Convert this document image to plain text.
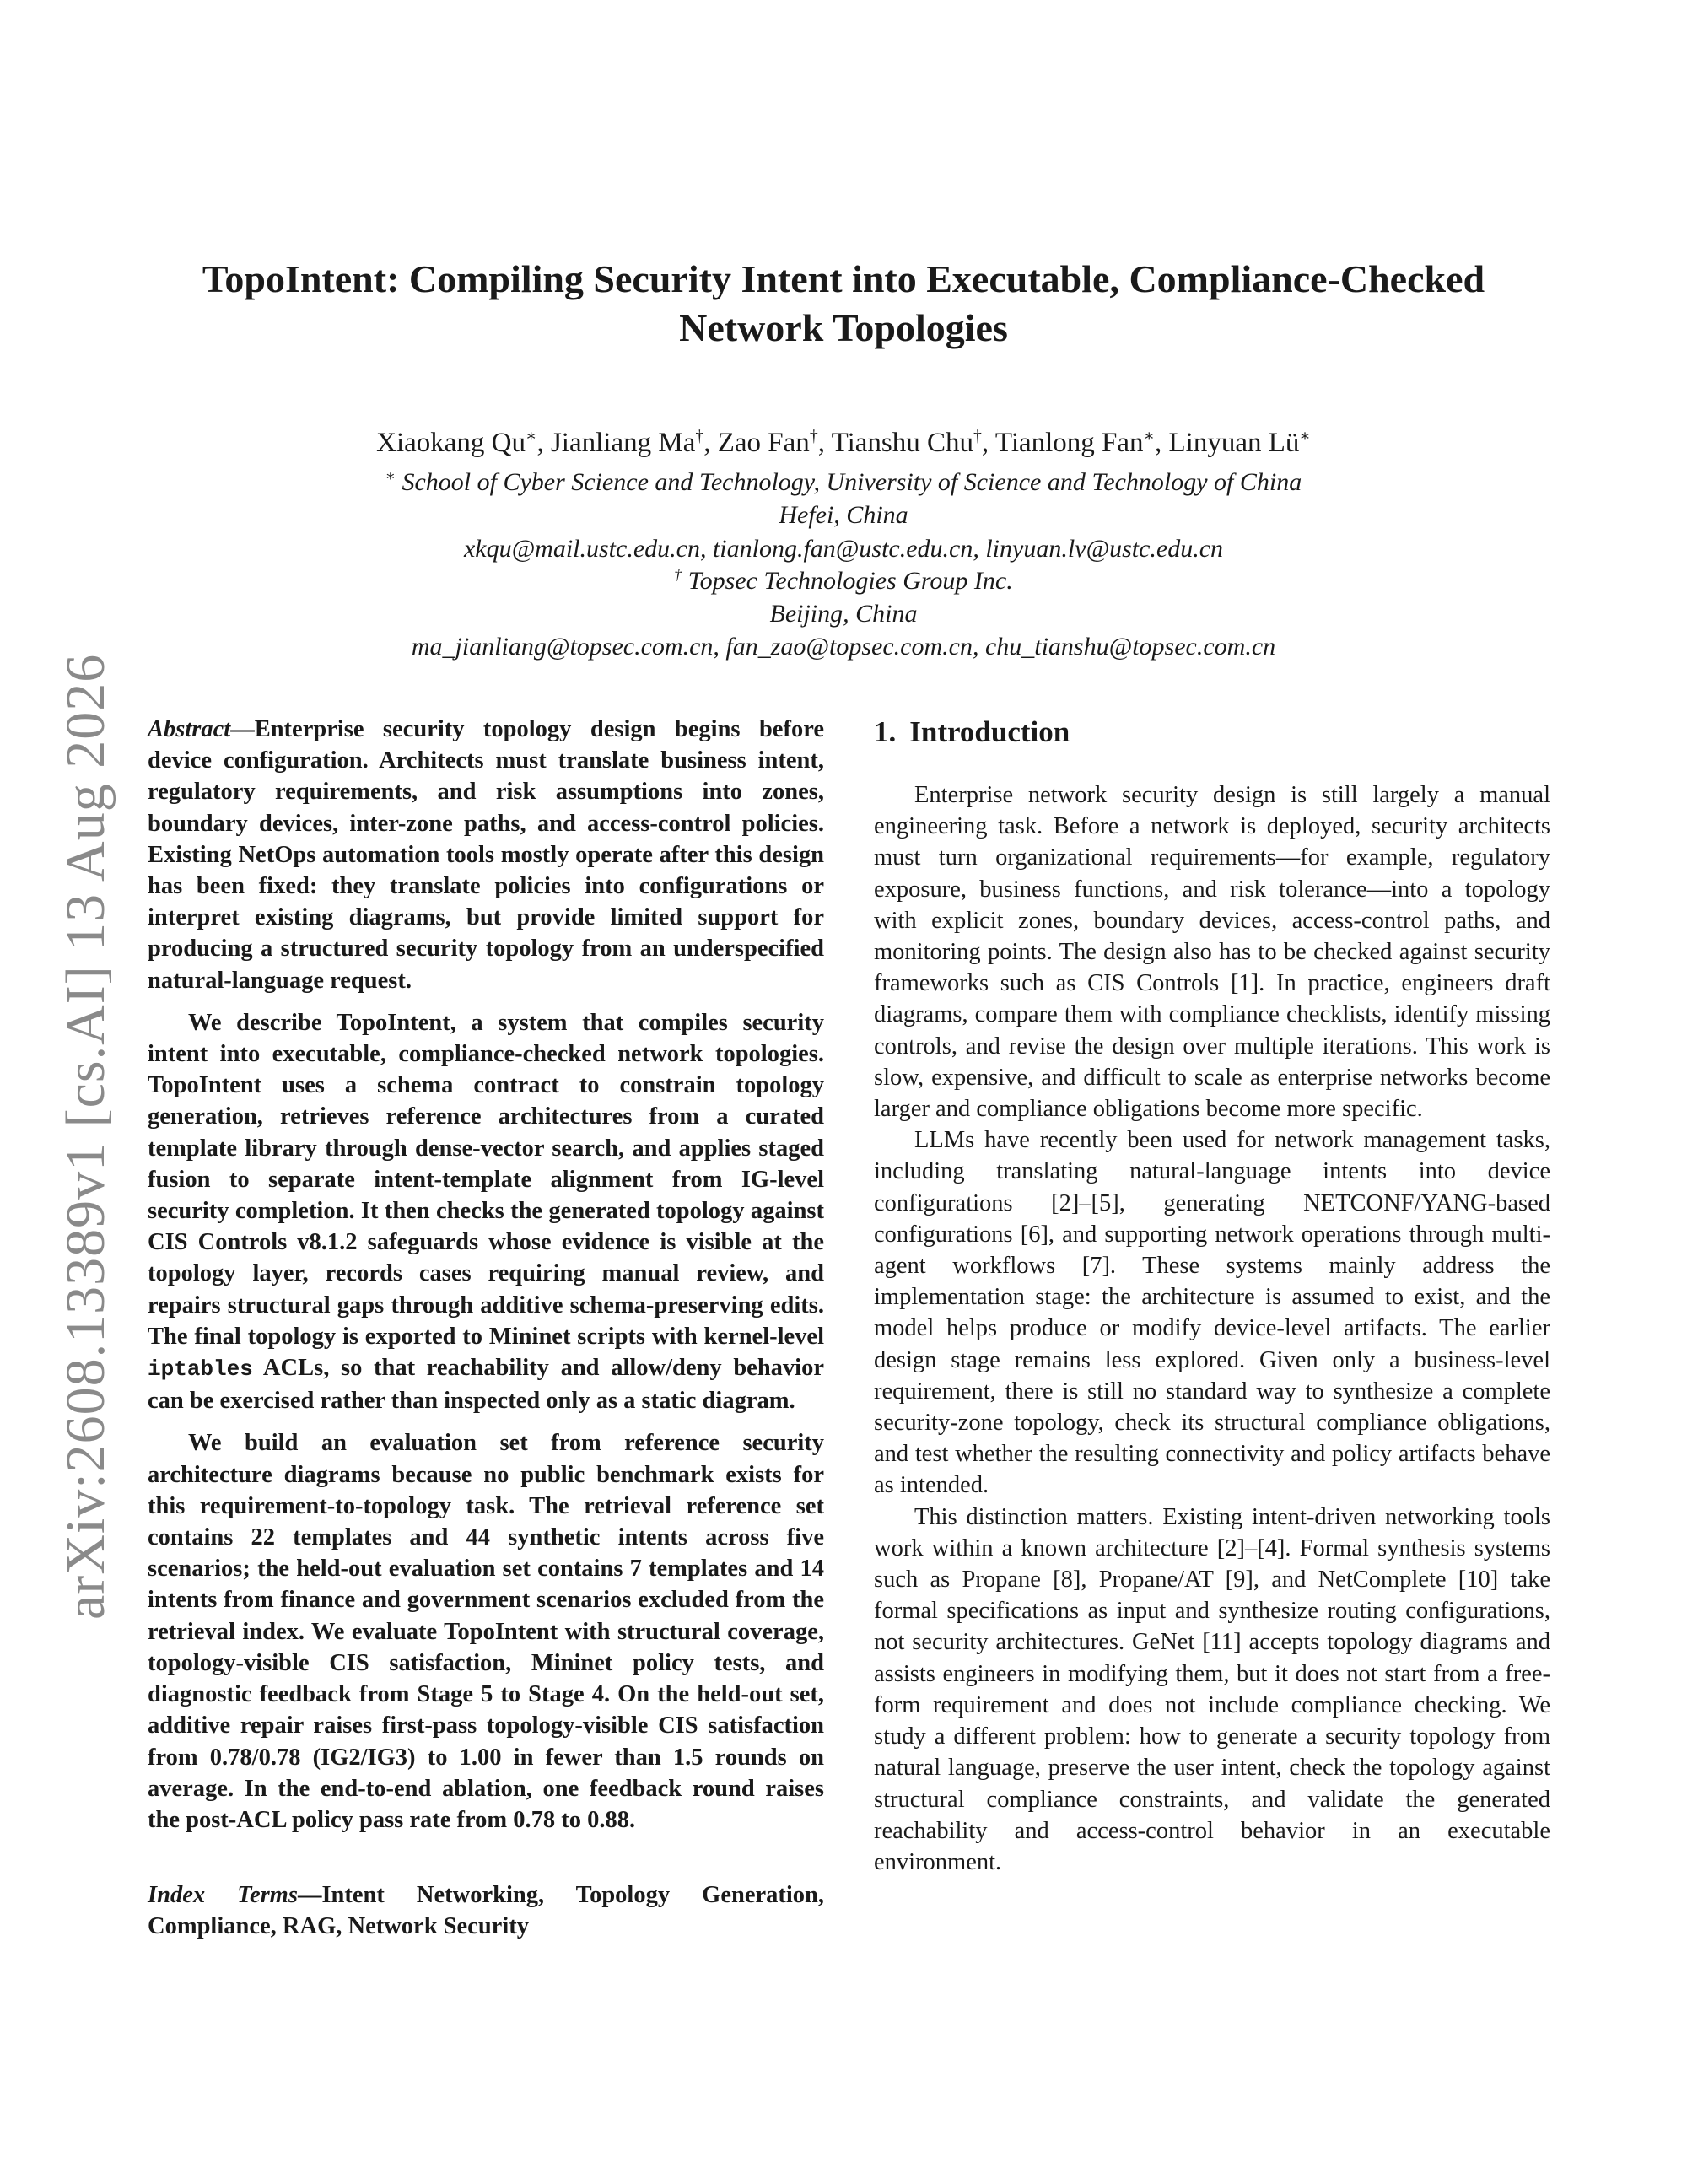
arXiv:2608.13389v1 [cs.AI] 13 Aug 2026
TopoIntent: Compiling Security Intent into Executable, Compliance-Checked
Network Topologies
Xiaokang Qu∗, Jianliang Ma†, Zao Fan†, Tianshu Chu†, Tianlong Fan∗, Linyuan Lü∗
∗ School of Cyber Science and Technology, University of Science and Technology of China
Hefei, China
xkqu@mail.ustc.edu.cn, tianlong.fan@ustc.edu.cn, linyuan.lv@ustc.edu.cn
† Topsec Technologies Group Inc.
Beijing, China
ma_jianliang@topsec.com.cn, fan_zao@topsec.com.cn, chu_tianshu@topsec.com.cn

Abstract—Enterprise security topology design begins before device configuration. Architects must translate business intent, regulatory requirements, and risk assumptions into zones, boundary devices, inter-zone paths, and access-control policies. Existing NetOps automation tools mostly operate after this design has been fixed: they translate policies into configurations or interpret existing diagrams, but provide limited support for producing a structured security topology from an underspecified natural-language request.

We describe TopoIntent, a system that compiles security intent into executable, compliance-checked network topologies. TopoIntent uses a schema contract to constrain topology generation, retrieves reference architectures from a curated template library through dense-vector search, and applies staged fusion to separate intent-template alignment from IG-level security completion. It then checks the generated topology against CIS Controls v8.1.2 safeguards whose evidence is visible at the topology layer, records cases requiring manual review, and repairs structural gaps through additive schema-preserving edits. The final topology is exported to Mininet scripts with kernel-level iptables ACLs, so that reachability and allow/deny behavior can be exercised rather than inspected only as a static diagram.

We build an evaluation set from reference security architecture diagrams because no public benchmark exists for this requirement-to-topology task. The retrieval reference set contains 22 templates and 44 synthetic intents across five scenarios; the held-out evaluation set contains 7 templates and 14 intents from finance and government scenarios excluded from the retrieval index. We evaluate TopoIntent with structural coverage, topology-visible CIS satisfaction, Mininet policy tests, and diagnostic feedback from Stage 5 to Stage 4. On the held-out set, additive repair raises first-pass topology-visible CIS satisfaction from 0.78/0.78 (IG2/IG3) to 1.00 in fewer than 1.5 rounds on average. In the end-to-end ablation, one feedback round raises the post-ACL policy pass rate from 0.78 to 0.88.

Index Terms—Intent Networking, Topology Generation, Compliance, RAG, Network Security

1. Introduction

Enterprise network security design is still largely a manual engineering task. Before a network is deployed, security architects must turn organizational requirements—for example, regulatory exposure, business functions, and risk tolerance—into a topology with explicit zones, boundary devices, access-control paths, and monitoring points. The design also has to be checked against security frameworks such as CIS Controls [1]. In practice, engineers draft diagrams, compare them with compliance checklists, identify missing controls, and revise the design over multiple iterations. This work is slow, expensive, and difficult to scale as enterprise networks become larger and compliance obligations become more specific.

LLMs have recently been used for network management tasks, including translating natural-language intents into device configurations [2]–[5], generating NETCONF/YANG-based configurations [6], and supporting network operations through multi-agent workflows [7]. These systems mainly address the implementation stage: the architecture is assumed to exist, and the model helps produce or modify device-level artifacts. The earlier design stage remains less explored. Given only a business-level requirement, there is still no standard way to synthesize a complete security-zone topology, check its structural compliance obligations, and test whether the resulting connectivity and policy artifacts behave as intended.

This distinction matters. Existing intent-driven networking tools work within a known architecture [2]–[4]. Formal synthesis systems such as Propane [8], Propane/AT [9], and NetComplete [10] take formal specifications as input and synthesize routing configurations, not security architectures. GeNet [11] accepts topology diagrams and assists engineers in modifying them, but it does not start from a free-form requirement and does not include compliance checking. We study a different problem: how to generate a security topology from natural language, preserve the user intent, check the topology against structural compliance constraints, and validate the generated reachability and access-control behavior in an executable environment.
